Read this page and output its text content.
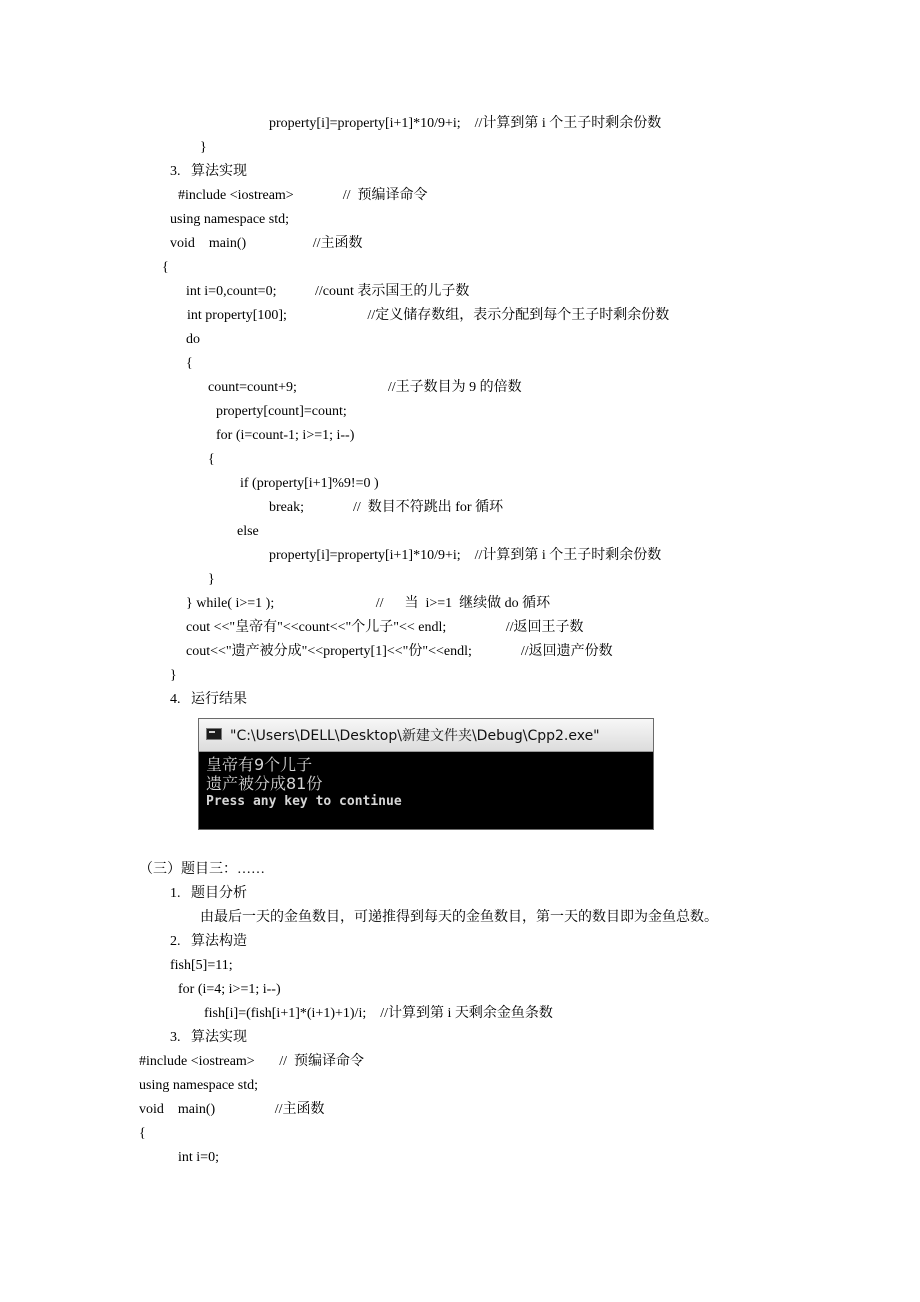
property[i]=property[i+1]*10/9+i;    //计算到第 i 个王子时剩余份数
}
3.   算法实现
#include <iostream>              //  预编译命令
using namespace std;
void    main()                   //主函数
{
int i=0,count=0;           //count 表示国王的儿子数
int property[100];                       //定义储存数组，表示分配到每个王子时剩余份数
do
{
count=count+9;                          //王子数目为 9 的倍数
property[count]=count;
for (i=count-1; i>=1; i--)
{
if (property[i+1]%9!=0 )
break;              //  数目不符跳出 for 循环
else
property[i]=property[i+1]*10/9+i;    //计算到第 i 个王子时剩余份数
}
} while( i>=1 );                             //      当  i>=1  继续做 do 循环
cout <<"皇帝有"<<count<<"个儿子"<< endl;                 //返回王子数
cout<<"遗产被分成"<<property[1]<<"份"<<endl;              //返回遗产份数
}
4.   运行结果
"C:\Users\DELL\Desktop\新建文件夹\Debug\Cpp2.exe"
皇帝有9个儿子
遗产被分成81份
Press any key to continue
（三）题目三：……
1.   题目分析
由最后一天的金鱼数目，可递推得到每天的金鱼数目，第一天的数目即为金鱼总数。
2.   算法构造
fish[5]=11;
for (i=4; i>=1; i--)
fish[i]=(fish[i+1]*(i+1)+1)/i;    //计算到第 i 天剩余金鱼条数
3.   算法实现
#include <iostream>       //  预编译命令
using namespace std;
void    main()                 //主函数
{
int i=0;
